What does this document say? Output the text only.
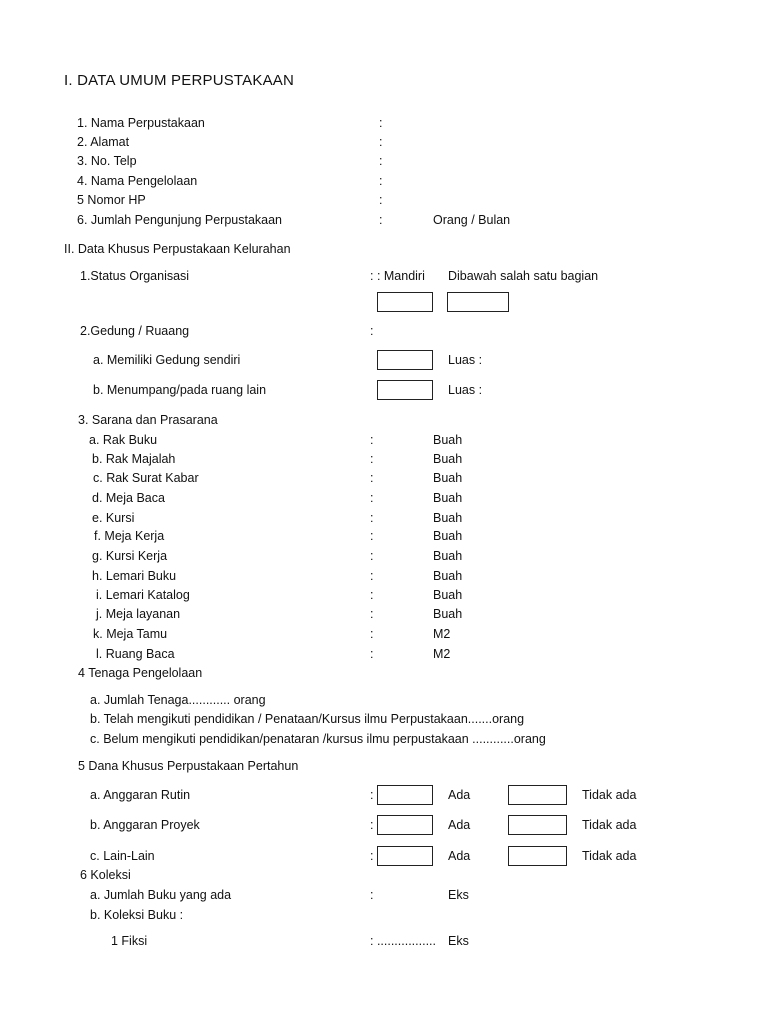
I. DATA UMUM PERPUSTAKAAN
1. Nama Perpustakaan	:
2. Alamat	:
3. No. Telp	:
4. Nama Pengelolaan	:
5 Nomor HP	:
6. Jumlah Pengunjung Perpustakaan	:	Orang / Bulan
II. Data Khusus Perpustakaan Kelurahan
1.Status Organisasi	: : Mandiri Dibawah salah satu bagian
2.Gedung / Ruaang	:
a. Memiliki Gedung sendiri	Luas :
b. Menumpang/pada ruang lain	Luas :
3. Sarana dan Prasarana
a. Rak Buku	:	Buah
b. Rak Majalah	:	Buah
c. Rak Surat Kabar	:	Buah
d. Meja Baca	:	Buah
e. Kursi	:	Buah
f. Meja Kerja	:	Buah
g. Kursi Kerja	:	Buah
h. Lemari Buku	:	Buah
i. Lemari Katalog	:	Buah
j. Meja layanan	:	Buah
k. Meja Tamu	:	M2
l. Ruang Baca	:	M2
4 Tenaga Pengelolaan
a. Jumlah Tenaga............ orang
b. Telah mengikuti pendidikan / Penataan/Kursus ilmu Perpustakaan.......orang
c. Belum mengikuti pendidikan/penataran /kursus ilmu perpustakaan ............orang
5 Dana Khusus Perpustakaan Pertahun
a. Anggaran Rutin	:	Ada	Tidak ada
b. Anggaran Proyek	:	Ada	Tidak ada
c. Lain-Lain	:	Ada	Tidak ada
6 Koleksi
a. Jumlah Buku yang ada	:	Eks
b. Koleksi Buku :
1 Fiksi	: ................. Eks
